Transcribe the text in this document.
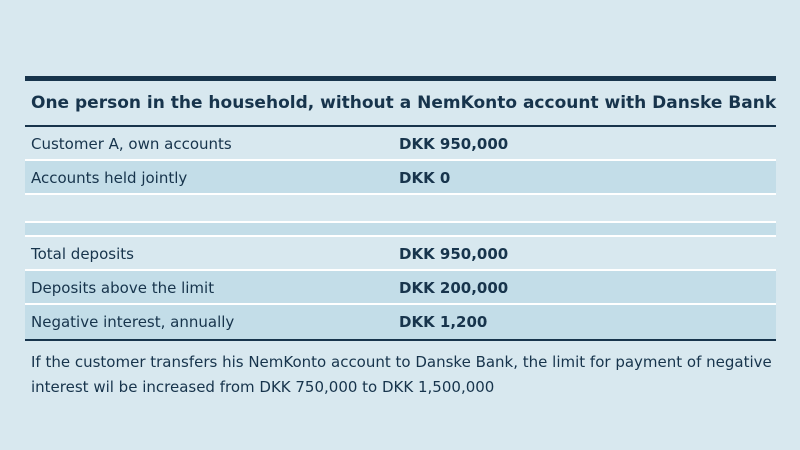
One person in the household, without a NemKonto account with Danske Bank
Customer A, own accounts	DKK 950,000
Accounts held jointly	DKK 0
Total deposits	DKK 950,000
Deposits above the limit	DKK 200,000
Negative interest, annually	DKK 1,200
If the customer transfers his NemKonto account to Danske Bank, the limit for payment of negative interest wil be increased from DKK 750,000 to DKK 1,500,000
